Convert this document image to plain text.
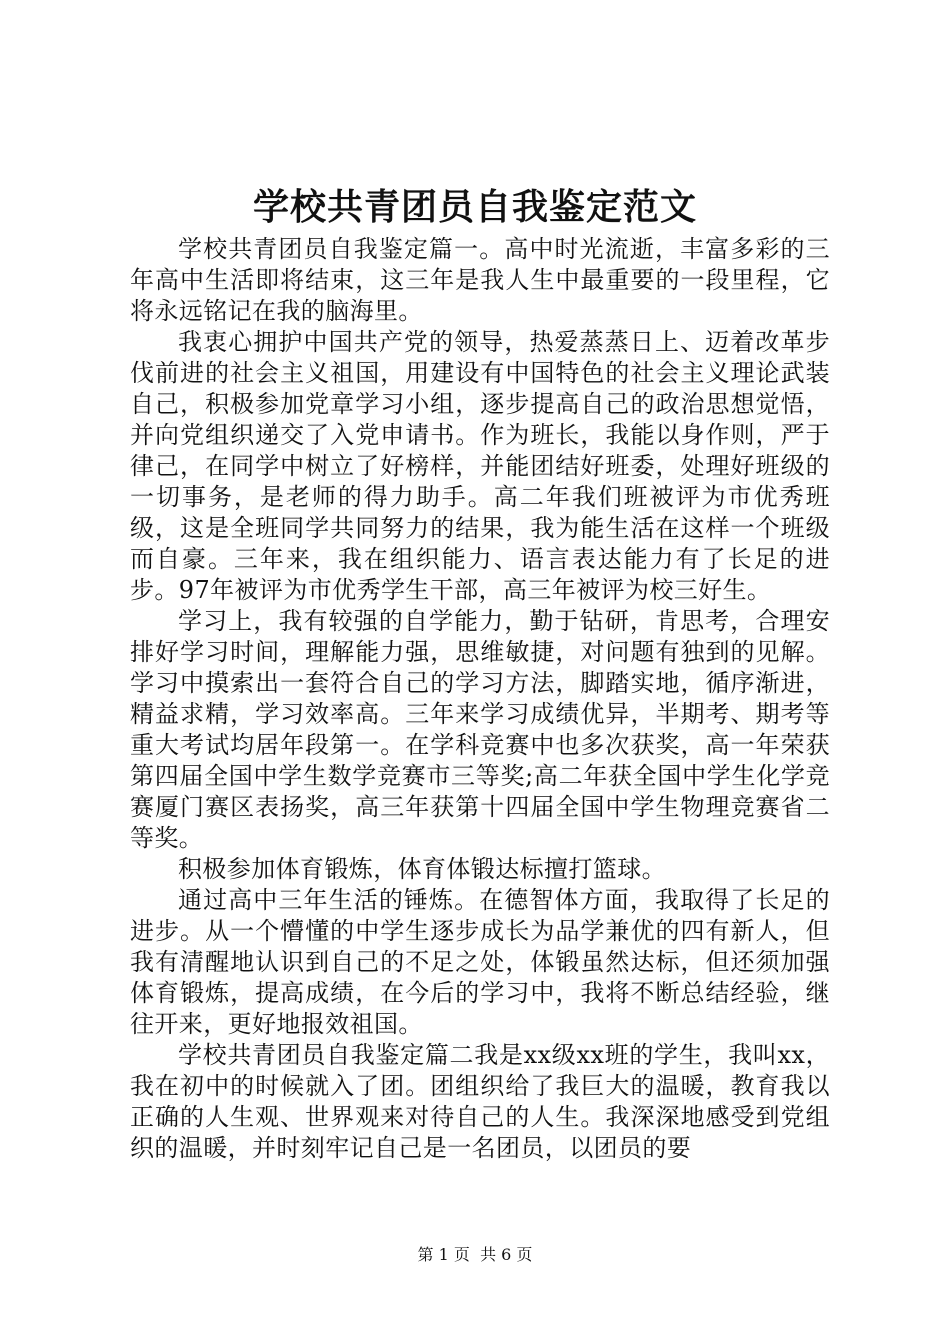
学校共青团员自我鉴定范文

学校共青团员自我鉴定篇一。高中时光流逝，丰富多彩的三年高中生活即将结束，这三年是我人生中最重要的一段里程，它将永远铭记在我的脑海里。

我衷心拥护中国共产党的领导，热爱蒸蒸日上、迈着改革步伐前进的社会主义祖国，用建设有中国特色的社会主义理论武装自己，积极参加党章学习小组，逐步提高自己的政治思想觉悟，并向党组织递交了入党申请书。作为班长，我能以身作则，严于律己，在同学中树立了好榜样，并能团结好班委，处理好班级的一切事务，是老师的得力助手。高二年我们班被评为市优秀班级，这是全班同学共同努力的结果，我为能生活在这样一个班级而自豪。三年来，我在组织能力、语言表达能力有了长足的进步。97年被评为市优秀学生干部，高三年被评为校三好生。

学习上，我有较强的自学能力，勤于钻研，肯思考，合理安排好学习时间，理解能力强，思维敏捷，对问题有独到的见解。学习中摸索出一套符合自己的学习方法，脚踏实地，循序渐进，精益求精，学习效率高。三年来学习成绩优异，半期考、期考等重大考试均居年段第一。在学科竞赛中也多次获奖，高一年荣获第四届全国中学生数学竞赛市三等奖;高二年获全国中学生化学竞赛厦门赛区表扬奖，高三年获第十四届全国中学生物理竞赛省二等奖。

积极参加体育锻炼，体育体锻达标擅打篮球。

通过高中三年生活的锤炼。在德智体方面，我取得了长足的进步。从一个懵懂的中学生逐步成长为品学兼优的四有新人，但我有清醒地认识到自己的不足之处，体锻虽然达标，但还须加强体育锻炼，提高成绩，在今后的学习中，我将不断总结经验，继往开来，更好地报效祖国。

学校共青团员自我鉴定篇二我是xx级xx班的学生，我叫xx，我在初中的时候就入了团。团组织给了我巨大的温暖，教育我以正确的人生观、世界观来对待自己的人生。我深深地感受到党组织的温暖，并时刻牢记自己是一名团员，以团员的要

第 1 页  共 6 页
